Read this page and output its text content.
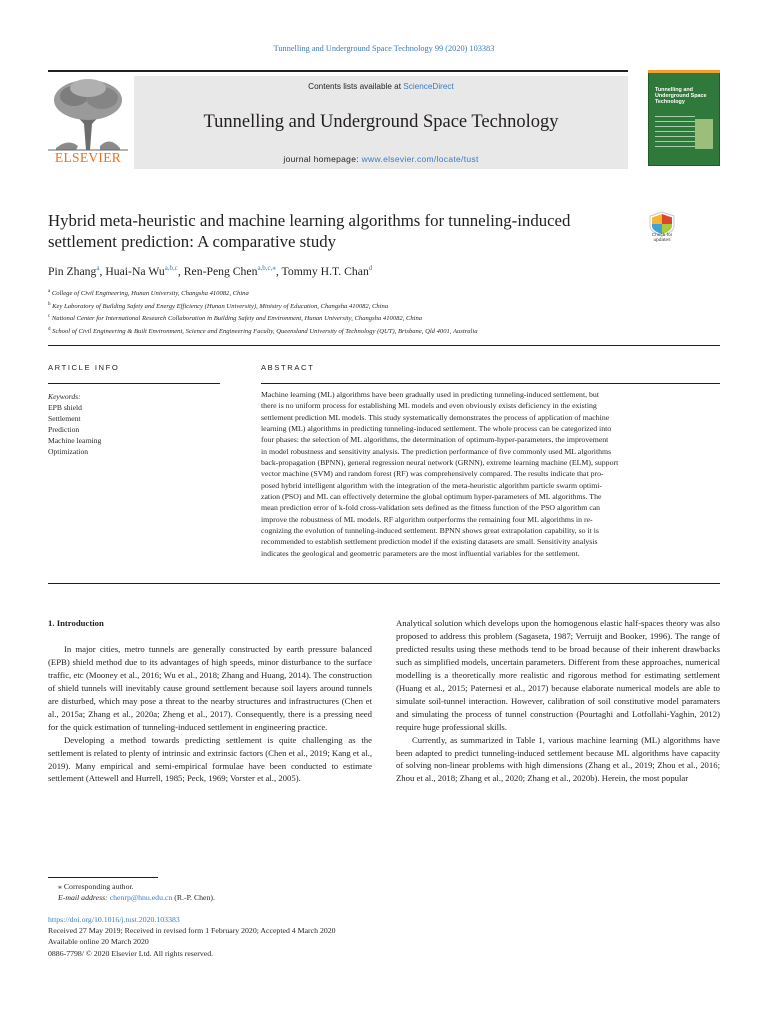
Tunnelling and Underground Space Technology 99 (2020) 103383
ELSEVIER
Contents lists available at ScienceDirect
Tunnelling and Underground Space Technology
journal homepage: www.elsevier.com/locate/tust
Tunnelling and Underground Space Technology
Hybrid meta-heuristic and machine learning algorithms for tunneling-induced settlement prediction: A comparative study	Check for updates
Pin Zhang$^a$, Huai-Na Wu$^{a,b,c}$, Ren-Peng Chen$^{a,b,c,⁎}$, Tommy H.T. Chan$^d$
$^a$ College of Civil Engineering, Hunan University, Changsha 410082, China
$^b$ Key Laboratory of Building Safety and Energy Efficiency (Hunan University), Ministry of Education, Changsha 410082, China
$^c$ National Center for International Research Collaboration in Building Safety and Environment, Hunan University, Changsha 410082, China
$^d$ School of Civil Engineering & Built Environment, Science and Engineering Faculty, Queensland University of Technology (QUT), Brisbane, Qld 4001, Australia
ARTICLE INFO	ABSTRACT
Keywords:
EPB shield
Settlement
Prediction
Machine learning
Optimization
Machine learning (ML) algorithms have been gradually used in predicting tunneling-induced settlement, but
there is no uniform process for establishing ML models and even obviously exists deficiency in the existing
settlement prediction ML models. This study systematically demonstrates the process of application of machine
learning (ML) algorithms in predicting tunneling-induced settlement. The whole process can be categorized into
four phases: the selection of ML algorithms, the determination of optimum-hyper-parameters, the improvement
in model robustness and sensitivity analysis. The prediction performance of five commonly used ML algorithms
back-propagation (BPNN), general regression neural network (GRNN), extreme learning machine (ELM), support
vector machine (SVM) and random forest (RF) was comprehensively compared. The results indicate that pro-
posed hybrid intelligent algorithm with the integration of the meta-heuristic algorithm particle swarm optimi-
zation (PSO) and ML can effectively determine the global optimum hyper-parameters of ML algorithms. The
mean prediction error of k-fold cross-validation sets defined as the fitness function of the PSO algorithm can
improve the robustness of ML models. RF algorithm outperforms the remaining four ML algorithms in re-
cognizing the evolution of tunneling-induced settlement. BPNN shows great extrapolation capability, so it is
recommended to establish settlement prediction model if the existing datasets are small. Sensitivity analysis
indicates the geological and geometric parameters are the most influential variables for the settlement.
1. Introduction

In major cities, metro tunnels are generally constructed by earth pressure balanced (EPB) shield method due to its advantages of high speeds, minor disturbance to the surface traffic, etc (Mooney et al., 2016; Wu et al., 2018; Zhang and Huang, 2014). The construction of shield tunnels will inevitably cause ground settlement because soil layers around tunnels are disturbed, which may pose a threat to the nearby structures and infrastructures (Chen et al., 2015a; Zhang et al., 2020a; Zheng et al., 2017). Consequently, there is a pressing need for the quick estimation of tunneling-induced settlement in engineering practice.

Developing a method towards predicting settlement is quite challenging as the settlement is related to plenty of intrinsic and extrinsic factors (Chen et al., 2019; Kang et al., 2019). Many empirical and semi-empirical formulae have been conducted to estimate settlement (Attewell and Hurrell, 1985; Peck, 1969; Vorster et al., 2005).

Analytical solution which develops upon the homogenous elastic half-spaces theory was also proposed to address this problem (Sagaseta, 1987; Verruijt and Booker, 1996). The range of predicted results using these methods tend to be broad because of their inherent drawbacks such as simplified models, uncertain parameters. Different from these approaches, numerical modelling is a theoretically more realistic and rigorous method for estimating settlement (Huang et al., 2015; Paternesi et al., 2017) because elaborate numerical models are able to simulate soil-tunnel interaction. However, calibration of soil constitutive model paramaters and simulating the process of tunnel construction (Pourtaghi and Lotfollahi-Yaghin, 2012) require huge professional skills.

Currently, as summarized in Table 1, various machine learning (ML) algorithms have been adapted to predict tunneling-induced settlement because ML algorithms have capacity of solving non-linear problems with high dimensions (Zhang et al., 2019; Zhou et al., 2016; Zhou et al., 2018; Zhang et al., 2020; Zhang et al., 2020b). Herein, the most popular

⁎ Corresponding author.
E-mail address: chenrp@hnu.edu.cn (R.-P. Chen).
https://doi.org/10.1016/j.tust.2020.103383
Received 27 May 2019; Received in revised form 1 February 2020; Accepted 4 March 2020
Available online 20 March 2020
0886-7798/ © 2020 Elsevier Ltd. All rights reserved.
